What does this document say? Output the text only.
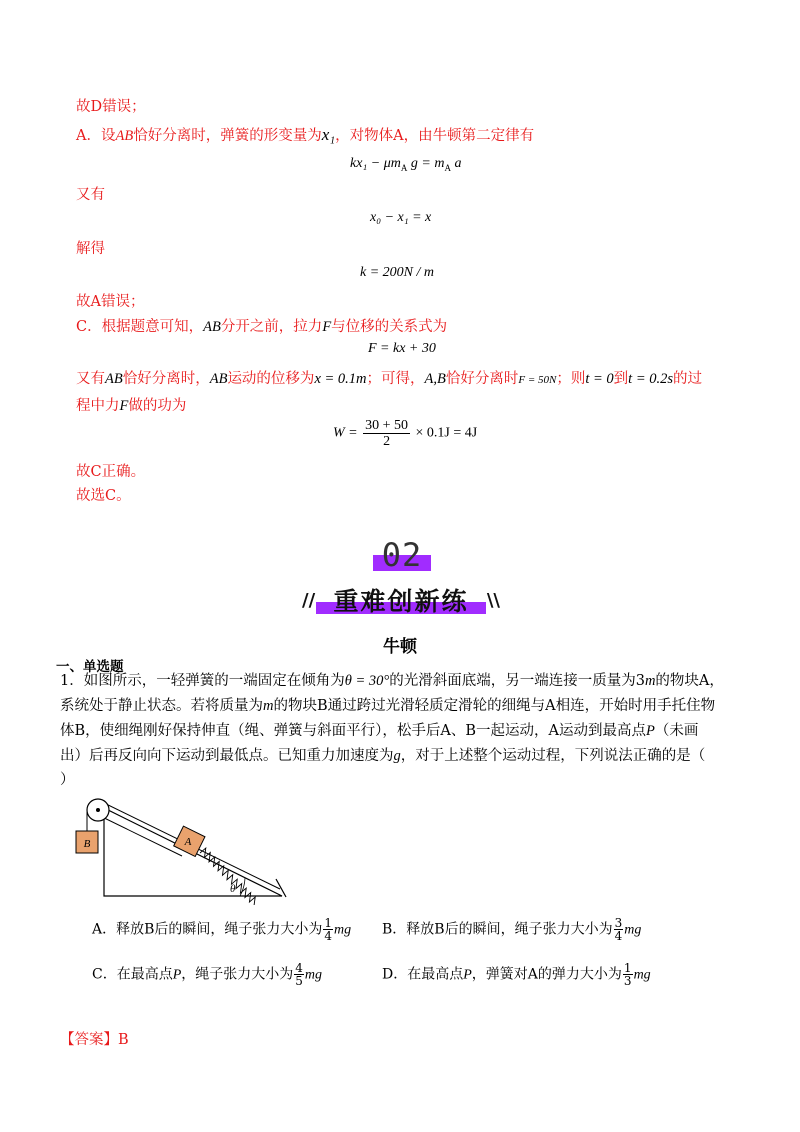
故D错误；
A．设AB恰好分离时，弹簧的形变量为x₁，对物体A，由牛顿第二定律有
$kx_1 - \mu m_A$ $g = m_A$ a
又有
x₀ − x₁ = x
解得
k = 200N / m
故A错误；
C．根据题意可知，AB分开之前，拉力F与位移的关系式为
F = kx + 30
又有AB恰好分离时，AB运动的位移为x = 0.1m；可得，A,B恰好分离时F = 50N；则t = 0到t = 0.2s的过
程中力F做的功为
$W = \frac{30 + 50}{2} \times 0.1J = 4J$
故C正确。
故选C。
02
// 重难创新练	\\
牛顿
一、单选题
1．如图所示，一轻弹簧的一端固定在倾角为θ = 30°的光滑斜面底端，另一端连接一质量为3m的物块A，
系统处于静止状态。若将质量为m的物块B通过跨过光滑轻质定滑轮的细绳与A相连，开始时用手托住物
体B，使细绳刚好保持伸直（绳、弹簧与斜面平行），松手后A、B一起运动，A运动到最高点P（未画
出）后再反向向下运动到最低点。已知重力加速度为g，对于上述整个运动过程，下列说法正确的是（
）
B	A
θ
A．释放B后的瞬间，绳子张力大小为 $\frac{1}{4}$ mg B．释放B后的瞬间，绳子张力大小为 $\frac{3}{4}$ mg
C．在最高点P，绳子张力大小为 $\frac{4}{5}$ mg	D．在最高点P，弹簧对A的弹力大小为 $\frac{1}{3}$ mg
【答案】B
